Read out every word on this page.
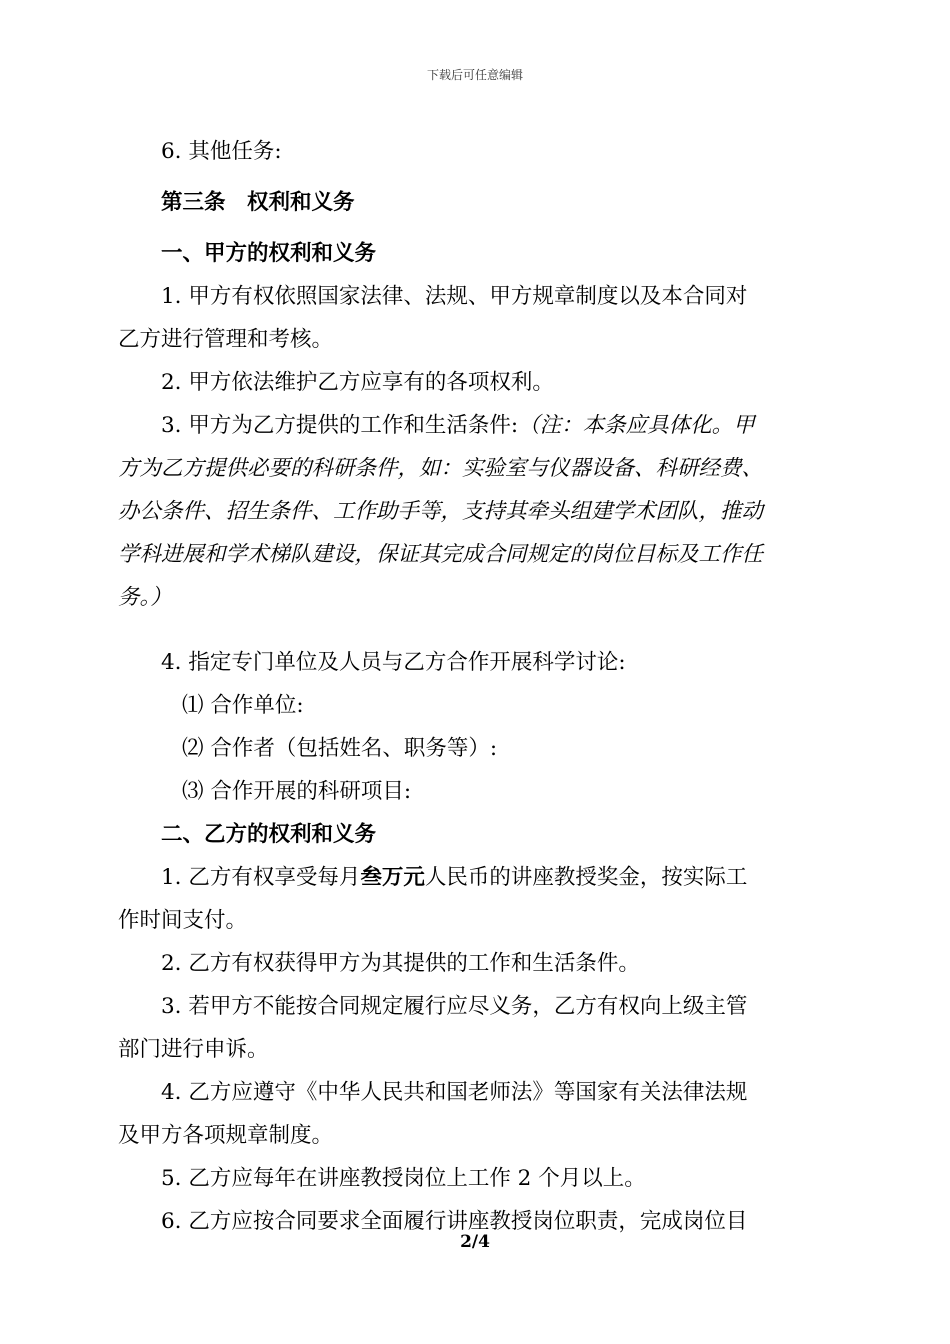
下载后可任意编辑
6. 其他任务:
第三条　权利和义务
一、甲方的权利和义务
1. 甲方有权依照国家法律、法规、甲方规章制度以及本合同对
乙方进行管理和考核。
2. 甲方依法维护乙方应享有的各项权利。
3. 甲方为乙方提供的工作和生活条件:（注：本条应具体化。甲
方为乙方提供必要的科研条件，如：实验室与仪器设备、科研经费、
办公条件、招生条件、工作助手等，支持其牵头组建学术团队，推动
学科进展和学术梯队建设，保证其完成合同规定的岗位目标及工作任
务。）
4. 指定专门单位及人员与乙方合作开展科学讨论:
⑴ 合作单位:
⑵ 合作者（包括姓名、职务等）:
⑶ 合作开展的科研项目:
二、乙方的权利和义务
1. 乙方有权享受每月叁万元人民币的讲座教授奖金，按实际工
作时间支付。
2. 乙方有权获得甲方为其提供的工作和生活条件。
3. 若甲方不能按合同规定履行应尽义务，乙方有权向上级主管
部门进行申诉。
4. 乙方应遵守《中华人民共和国老师法》等国家有关法律法规
及甲方各项规章制度。
5. 乙方应每年在讲座教授岗位上工作 2 个月以上。
6. 乙方应按合同要求全面履行讲座教授岗位职责，完成岗位目
2/4
